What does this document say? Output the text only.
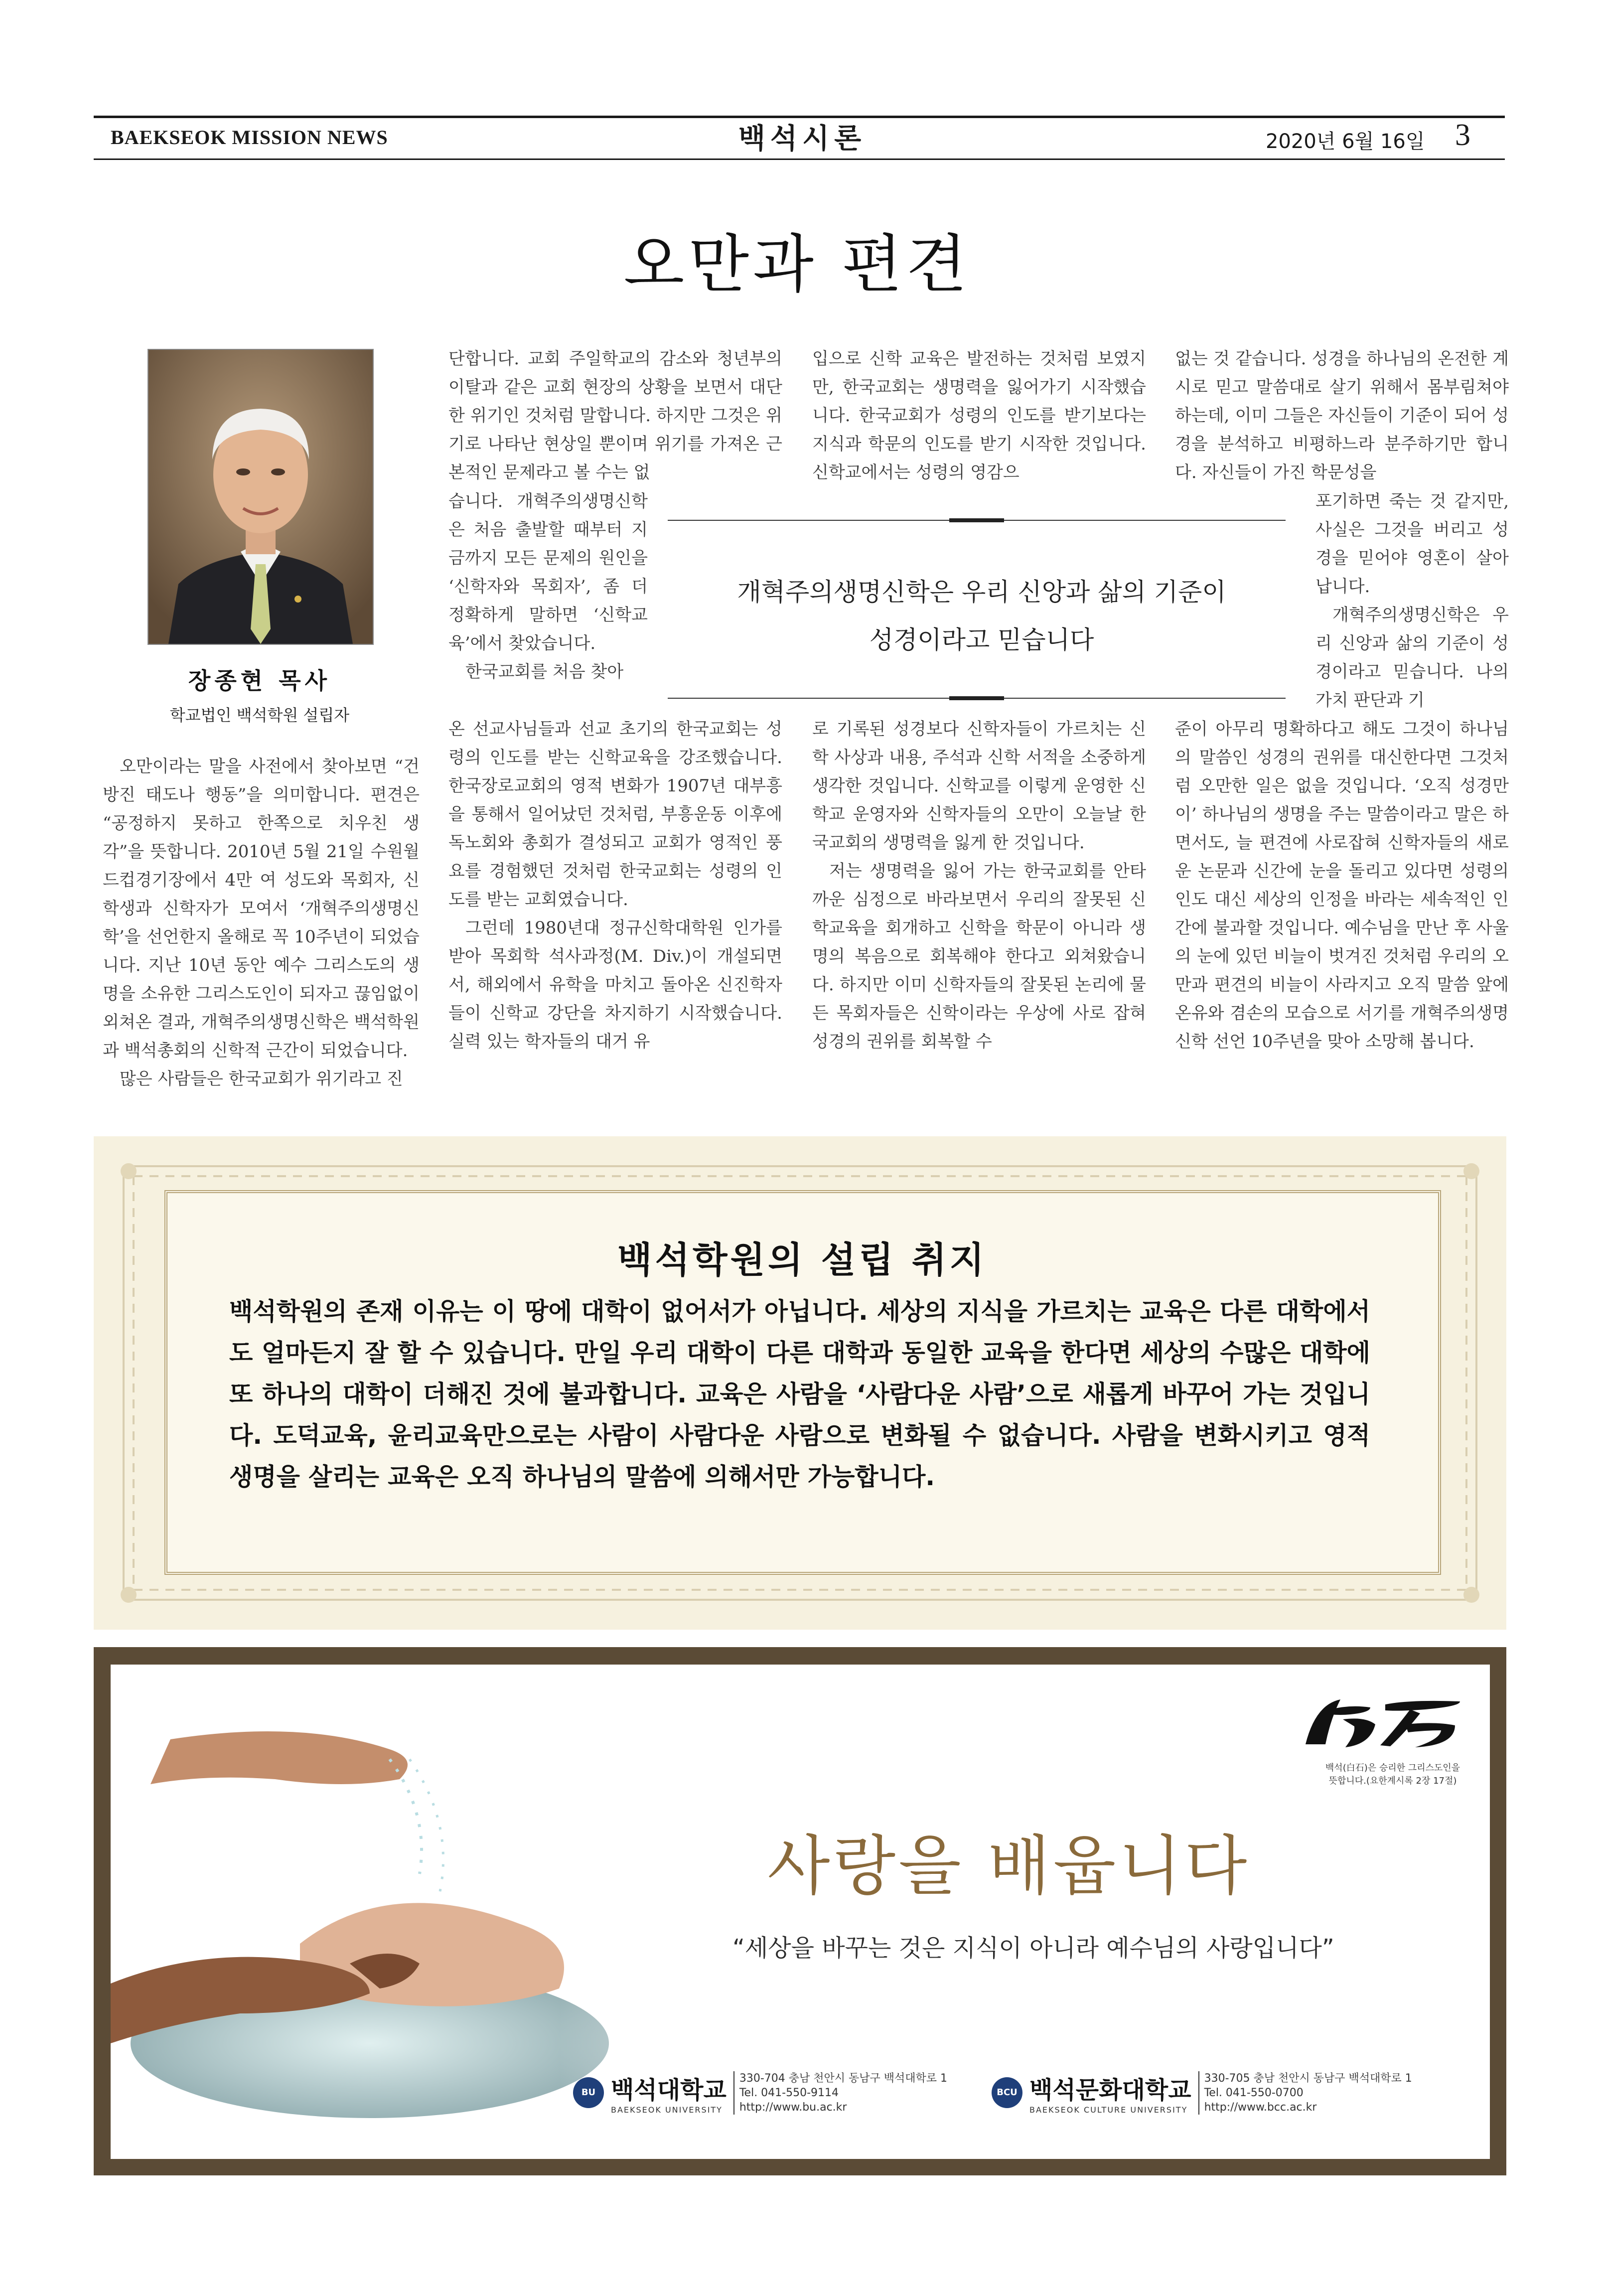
BAEKSEOK MISSION NEWS	백석시론	2020년 6월 16일 3
오만과 편견
장종현 목사
학교법인 백석학원 설립자

오만이라는 말을 사전에서 찾아보면 “건방진 태도나 행동”을 의미합니다. 편견은 “공정하지 못하고 한쪽으로 치우친 생각”을 뜻합니다. 2010년 5월 21일 수원월드컵경기장에서 4만 여 성도와 목회자, 신학생과 신학자가 모여서 ‘개혁주의생명신학’을 선언한지 올해로 꼭 10주년이 되었습니다. 지난 10년 동안 예수 그리스도의 생명을 소유한 그리스도인이 되자고 끊임없이 외쳐온 결과, 개혁주의생명신학은 백석학원과 백석총회의 신학적 근간이 되었습니다.

많은 사람들은 한국교회가 위기라고 진

단합니다. 교회 주일학교의 감소와 청년부의 이탈과 같은 교회 현장의 상황을 보면서 대단한 위기인 것처럼 말합니다. 하지만 그것은 위기로 나타난 현상일 뿐이며 위기를 가져온 근본적인 문제라고 볼 수는 없

습니다. 개혁주의생명신학은 처음 출발할 때부터 지금까지 모든 문제의 원인을 ‘신학자와 목회자’, 좀 더 정확하게 말하면 ‘신학교육’에서 찾았습니다.

한국교회를 처음 찾아

온 선교사님들과 선교 초기의 한국교회는 성령의 인도를 받는 신학교육을 강조했습니다. 한국장로교회의 영적 변화가 1907년 대부흥을 통해서 일어났던 것처럼, 부흥운동 이후에 독노회와 총회가 결성되고 교회가 영적인 풍요를 경험했던 것처럼 한국교회는 성령의 인도를 받는 교회였습니다.

그런데 1980년대 정규신학대학원 인가를 받아 목회학 석사과정(M. Div.)이 개설되면서, 해외에서 유학을 마치고 돌아온 신진학자들이 신학교 강단을 차지하기 시작했습니다. 실력 있는 학자들의 대거 유

입으로 신학 교육은 발전하는 것처럼 보였지만, 한국교회는 생명력을 잃어가기 시작했습니다. 한국교회가 성령의 인도를 받기보다는 지식과 학문의 인도를 받기 시작한 것입니다. 신학교에서는 성령의 영감으

로 기록된 성경보다 신학자들이 가르치는 신학 사상과 내용, 주석과 신학 서적을 소중하게 생각한 것입니다. 신학교를 이렇게 운영한 신학교 운영자와 신학자들의 오만이 오늘날 한국교회의 생명력을 잃게 한 것입니다.

저는 생명력을 잃어 가는 한국교회를 안타까운 심정으로 바라보면서 우리의 잘못된 신학교육을 회개하고 신학을 학문이 아니라 생명의 복음으로 회복해야 한다고 외쳐왔습니다. 하지만 이미 신학자들의 잘못된 논리에 물든 목회자들은 신학이라는 우상에 사로 잡혀 성경의 권위를 회복할 수

없는 것 같습니다. 성경을 하나님의 온전한 계시로 믿고 말씀대로 살기 위해서 몸부림쳐야 하는데, 이미 그들은 자신들이 기준이 되어 성경을 분석하고 비평하느라 분주하기만 합니다. 자신들이 가진 학문성을

포기하면 죽는 것 같지만, 사실은 그것을 버리고 성경을 믿어야 영혼이 살아납니다.

개혁주의생명신학은 우리 신앙과 삶의 기준이 성경이라고 믿습니다. 나의 가치 판단과 기

준이 아무리 명확하다고 해도 그것이 하나님의 말씀인 성경의 권위를 대신한다면 그것처럼 오만한 일은 없을 것입니다. ‘오직 성경만이’ 하나님의 생명을 주는 말씀이라고 말은 하면서도, 늘 편견에 사로잡혀 신학자들의 새로운 논문과 신간에 눈을 돌리고 있다면 성령의 인도 대신 세상의 인정을 바라는 세속적인 인간에 불과할 것입니다. 예수님을 만난 후 사울의 눈에 있던 비늘이 벗겨진 것처럼 우리의 오만과 편견의 비늘이 사라지고 오직 말씀 앞에 온유와 겸손의 모습으로 서기를 개혁주의생명신학 선언 10주년을 맞아 소망해 봅니다.
개혁주의생명신학은 우리 신앙과 삶의 기준이
성경이라고 믿습니다
백석학원의 설립 취지
백석학원의 존재 이유는 이 땅에 대학이 없어서가 아닙니다. 세상의 지식을 가르치는 교육은 다른 대학에서도 얼마든지 잘 할 수 있습니다. 만일 우리 대학이 다른 대학과 동일한 교육을 한다면 세상의 수많은 대학에 또 하나의 대학이 더해진 것에 불과합니다. 교육은 사람을 ‘사람다운 사람’으로 새롭게 바꾸어 가는 것입니다. 도덕교육, 윤리교육만으로는 사람이 사람다운 사람으로 변화될 수 없습니다. 사람을 변화시키고 영적 생명을 살리는 교육은 오직 하나님의 말씀에 의해서만 가능합니다.
백석(白石)은 승리한 그리스도인을
뜻합니다.(요한계시록 2장 17절)
사랑을 배웁니다
“세상을 바꾸는 것은 지식이 아니라 예수님의 사랑입니다”
BU 백석대학교
BAEKSEOK UNIVERSITY
330-704 충남 천안시 동남구 백석대학로 1
Tel. 041-550-9114
http://www.bu.ac.kr
BCU 백석문화대학교
BAEKSEOK CULTURE UNIVERSITY
330-705 충남 천안시 동남구 백석대학로 1
Tel. 041-550-0700
http://www.bcc.ac.kr
